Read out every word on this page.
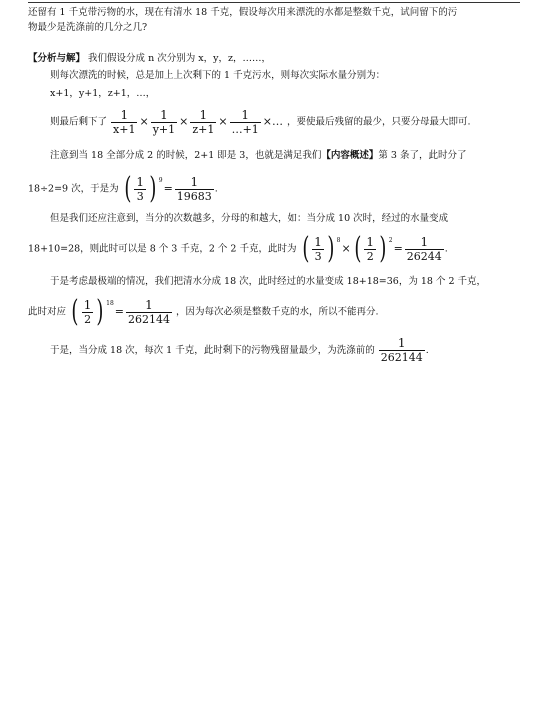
还留有 1 千克带污物的水，现在有清水 18 千克，假设每次用来漂洗的水都是整数千克，试问留下的污
物最少是洗涤前的几分之几?
【分析与解】 我们假设分成 n 次分别为 x，y，z，……，
则每次漂洗的时候，总是加上上次剩下的 1 千克污水，则每次实际水量分别为：
x+1，y+1，z+1，…，
则最后剩下了 $\frac{1}{x+1} \times \frac{1}{y+1} \times \frac{1}{z+1} \times \frac{1}{\dots+1}$ ×… ，要使最后残留的最少，只要分母最大即可.
注意到当 18 全部分成 2 的时候，2+1 即是 3，也就是满足我们【内容概述】第 3 条了，此时分了
18÷2=9 次，于是为 ( $\frac{1}{3}$ ) 9
= $\frac{1}{19683}$ .
但是我们还应注意到，当分的次数越多，分母的和越大，如：当分成 10 次时，经过的水量变成
18+10=28，则此时可以是 8 个 3 千克，2 个 2 千克，此时为 ( $\frac{1}{3}$ ) 8
× ( $\frac{1}{2}$ ) 2
= $\frac{1}{26244}$ .
于是考虑最极端的情况，我们把清水分成 18 次，此时经过的水量变成 18+18=36，为 18 个 2 千克，
此时对应 ( $\frac{1}{2}$ ) 18
= $\frac{1}{262144}$ ，因为每次必须是整数千克的水，所以不能再分.
于是，当分成 18 次，每次 1 千克，此时剩下的污物残留量最少，为洗涤前的 $\frac{1}{262144}$ .
